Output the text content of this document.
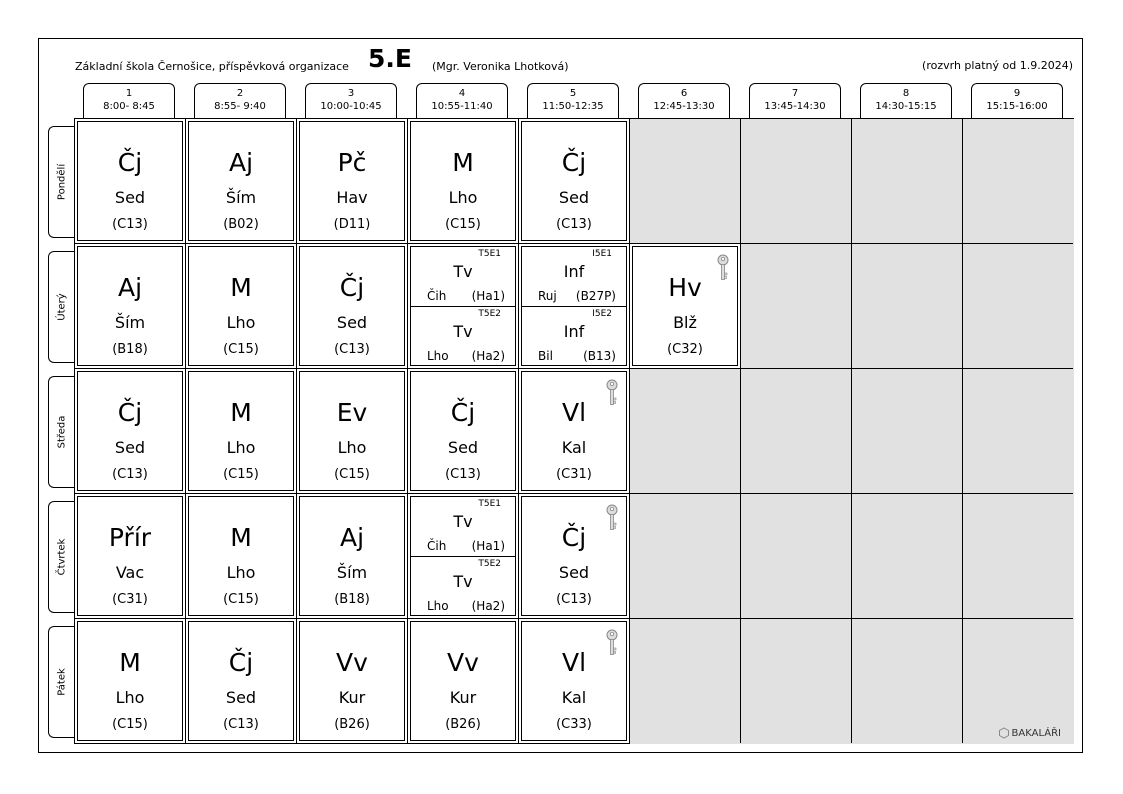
Základní škola Černošice, příspěvková organizace 5.E (Mgr. Veronika Lhotková)	(rozvrh platný od 1.9.2024)
1
8:00- 8:45
2
8:55- 9:40
3
10:00-10:45
4
10:55-11:40
5
11:50-12:35
6
12:45-13:30
7
13:45-14:30
8
14:30-15:15
9
15:15-16:00
Pondělí
Úterý
Středa
Čtvrtek
Pátek
Čj
Sed
(C13)
Aj
Ším
(B02)
Pč
Hav
(D11)
M
Lho
(C15)
Čj
Sed
(C13)
Aj
Ším
(B18)
M
Lho
(C15)
Čj
Sed
(C13)
T5E1
Tv
Čih (Ha1)
T5E2
Tv
Lho (Ha2)
I5E1
Inf
Ruj (B27P)
I5E2
Inf
Bil	(B13)
Hv
Blž
(C32)
Čj
Sed
(C13)
M
Lho
(C15)
Ev
Lho
(C15)
Čj
Sed
(C13)
Vl
Kal
(C31)
Přír
Vac
(C31)
M
Lho
(C15)
Aj
Ším
(B18)
T5E1
Tv
Čih (Ha1)
T5E2
Tv
Lho (Ha2)
Čj
Sed
(C13)
M
Lho
(C15)
Čj
Sed
(C13)
Vv
Kur
(B26)
Vv
Kur
(B26)
Vl
Kal
(C33)
BAKALÁŘI
